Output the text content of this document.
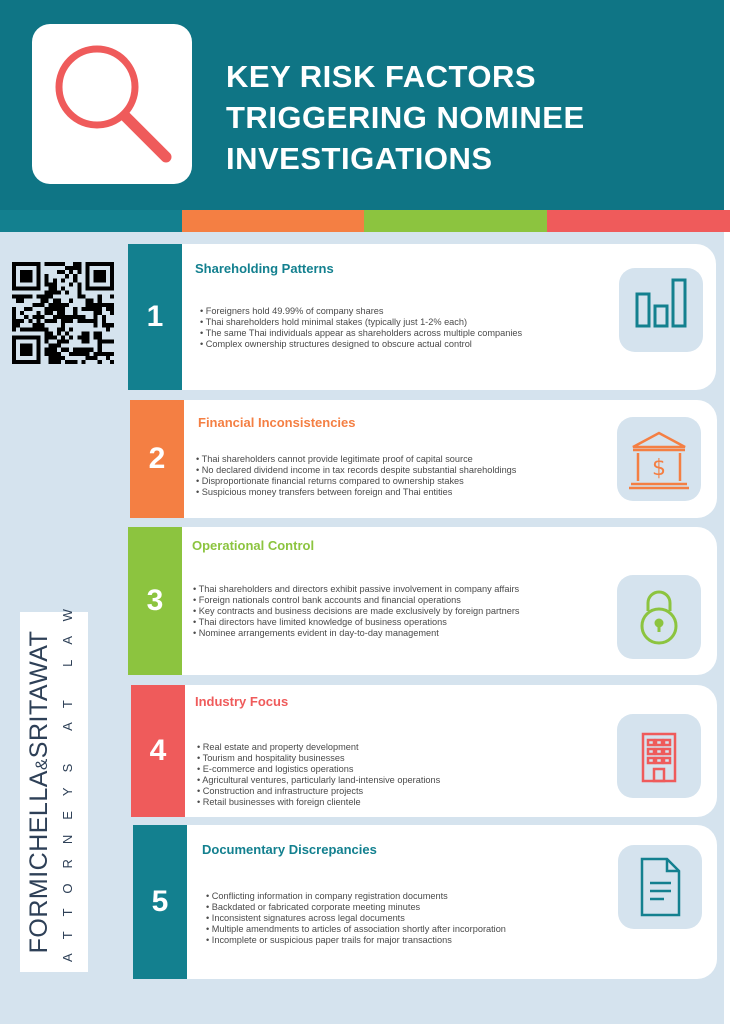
KEY RISK FACTORS
TRIGGERING NOMINEE
INVESTIGATIONS
FORMICHELLA&SRITAWAT ATTORNEYS AT LAW
1
Shareholding Patterns
• Foreigners hold 49.99% of company shares
• Thai shareholders hold minimal stakes (typically just 1-2% each)
• The same Thai individuals appear as shareholders across multiple companies
• Complex ownership structures designed to obscure actual control
2
Financial Inconsistencies
• Thai shareholders cannot provide legitimate proof of capital source
• No declared dividend income in tax records despite substantial shareholdings
• Disproportionate financial returns compared to ownership stakes
• Suspicious money transfers between foreign and Thai entities
$
3
Operational Control
• Thai shareholders and directors exhibit passive involvement in company affairs
• Foreign nationals control bank accounts and financial operations
• Key contracts and business decisions are made exclusively by foreign partners
• Thai directors have limited knowledge of business operations
• Nominee arrangements evident in day-to-day management
4
Industry Focus
• Real estate and property development
• Tourism and hospitality businesses
• E-commerce and logistics operations
• Agricultural ventures, particularly land-intensive operations
• Construction and infrastructure projects
• Retail businesses with foreign clientele
5
Documentary Discrepancies
• Conflicting information in company registration documents
• Backdated or fabricated corporate meeting minutes
• Inconsistent signatures across legal documents
• Multiple amendments to articles of association shortly after incorporation
• Incomplete or suspicious paper trails for major transactions
